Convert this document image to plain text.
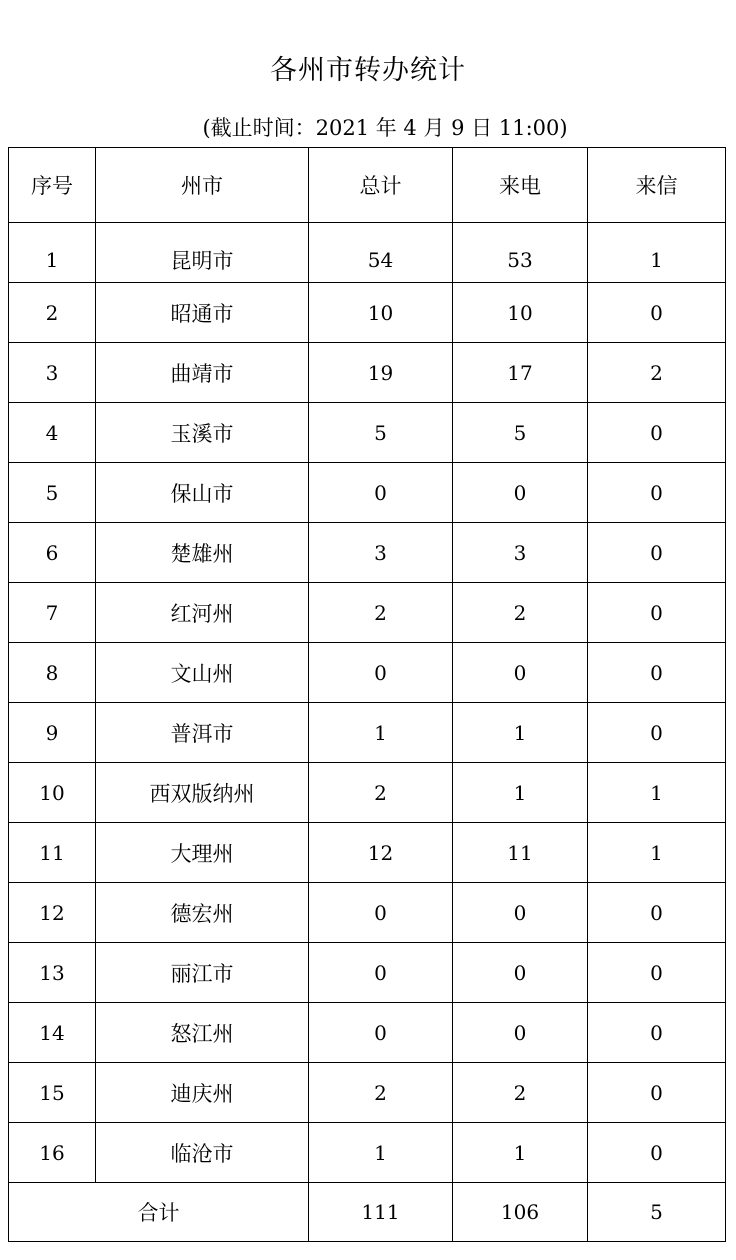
各州市转办统计
(截止时间：2021 年 4 月 9 日 11:00)
序号	州市	总计	来电	来信
1	昆明市	54	53	1
2	昭通市	10	10	0
3	曲靖市	19	17	2
4	玉溪市	5	5	0
5	保山市	0	0	0
6	楚雄州	3	3	0
7	红河州	2	2	0
8	文山州	0	0	0
9	普洱市	1	1	0
10	西双版纳州	2	1	1
11	大理州	12	11	1
12	德宏州	0	0	0
13	丽江市	0	0	0
14	怒江州	0	0	0
15	迪庆州	2	2	0
16	临沧市	1	1	0
合计		111	106	5
